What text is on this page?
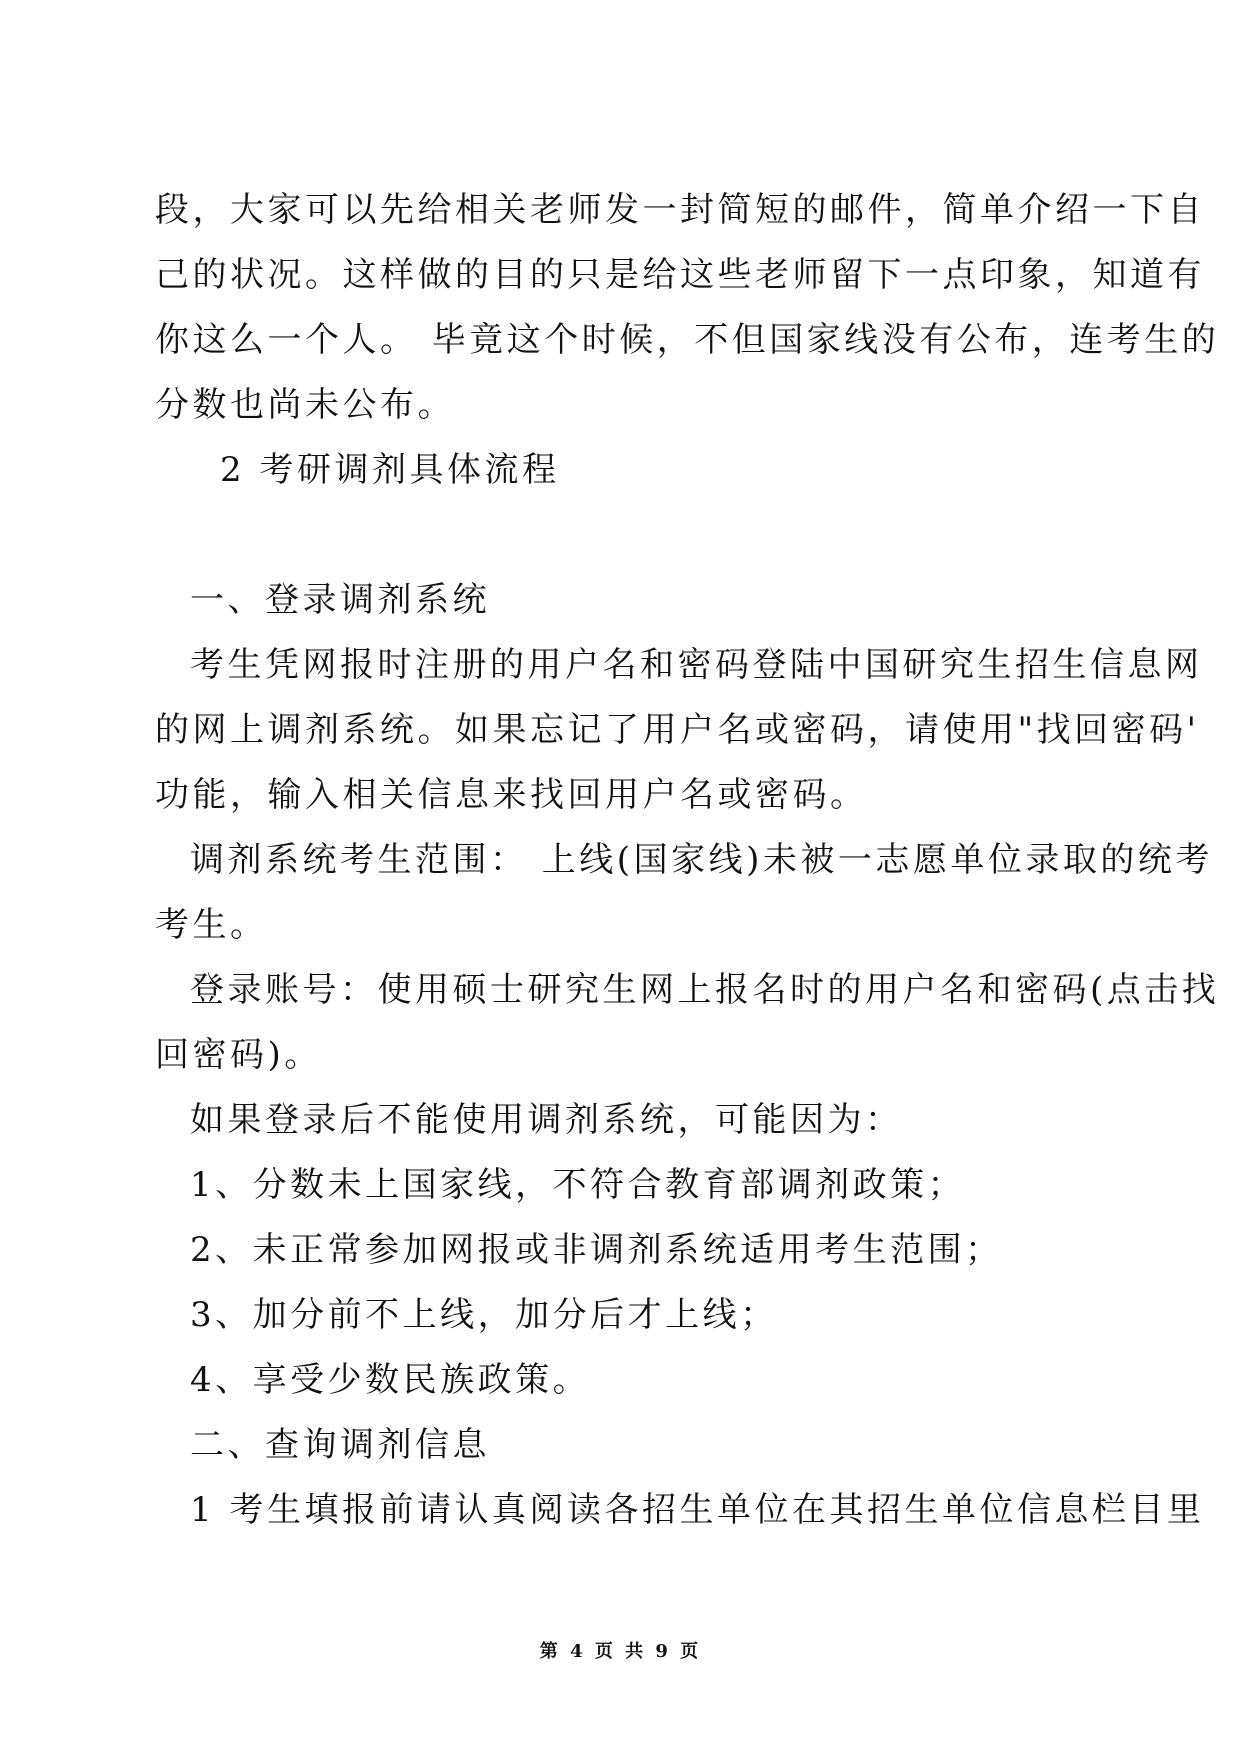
段，大家可以先给相关老师发一封简短的邮件，简单介绍一下自
己的状况。这样做的目的只是给这些老师留下一点印象，知道有
你这么一个人。 毕竟这个时候，不但国家线没有公布，连考生的
分数也尚未公布。
2 考研调剂具体流程
一、登录调剂系统
考生凭网报时注册的用户名和密码登陆中国研究生招生信息网
的网上调剂系统。如果忘记了用户名或密码，请使用"找回密码'
功能，输入相关信息来找回用户名或密码。
调剂系统考生范围： 上线(国家线)未被一志愿单位录取的统考
考生。
登录账号：使用硕士研究生网上报名时的用户名和密码(点击找
回密码)。
如果登录后不能使用调剂系统，可能因为：
1、分数未上国家线，不符合教育部调剂政策；
2、未正常参加网报或非调剂系统适用考生范围；
3、加分前不上线，加分后才上线；
4、享受少数民族政策。
二、查询调剂信息
1 考生填报前请认真阅读各招生单位在其招生单位信息栏目里
第 4 页 共 9 页
